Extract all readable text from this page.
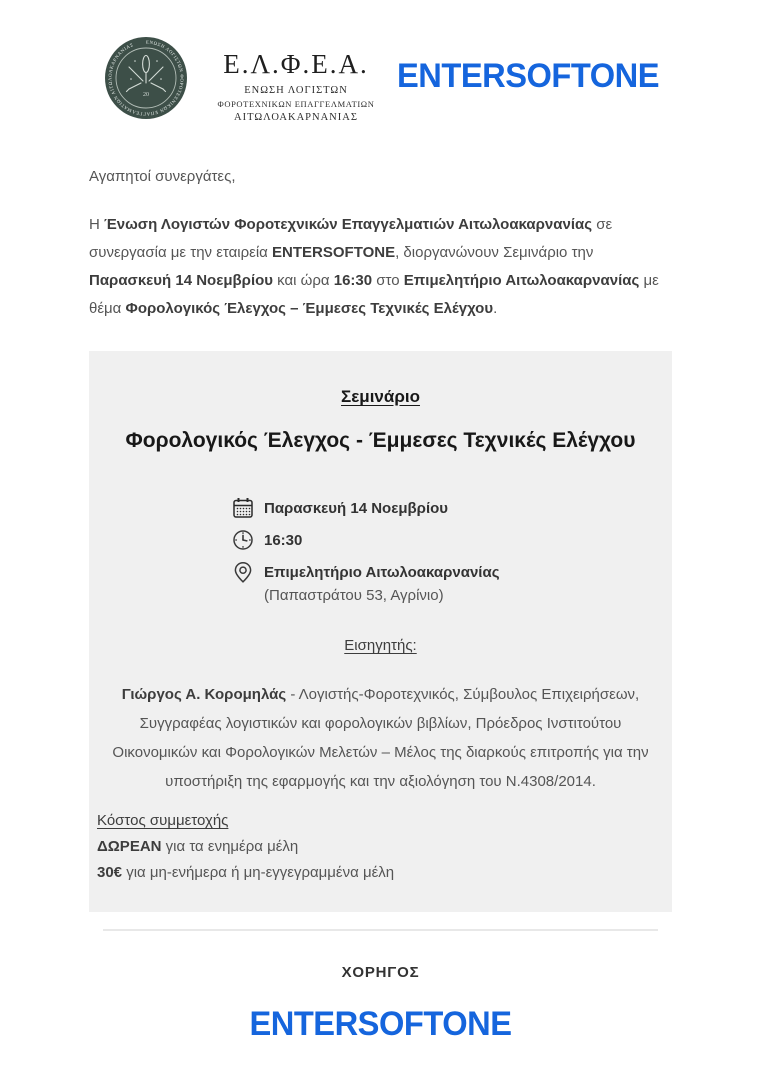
ΕΝΩΣΗ ΛΟΓΙΣΤΩΝ ΦΟΡΟΤΕΧΝΙΚΩΝ ΕΠΑΓΓΕΛΜΑΤΙΩΝ ΑΙΤΩΛΟΑΚΑΡΝΑΝΙΑΣ
20
Ε.Λ.Φ.Ε.Α.
ΕΝΩΣΗ ΛΟΓΙΣΤΩΝ
ΦΟΡΟΤΕΧΝΙΚΩΝ ΕΠΑΓΓΕΛΜΑΤΙΩΝ
ΑΙΤΩΛΟΑΚΑΡΝΑΝΙΑΣ
ENTERSOFTONE

Αγαπητοί συνεργάτες,

Η Ένωση Λογιστών Φοροτεχνικών Επαγγελματιών Αιτωλοακαρνανίας σε συνεργασία με την εταιρεία ENTERSOFTONE, διοργανώνουν Σεμινάριο την Παρασκευή 14 Νοεμβρίου και ώρα 16:30 στο Επιμελητήριο Αιτωλοακαρνανίας με θέμα Φορολογικός Έλεγχος – Έμμεσες Τεχνικές Ελέγχου.

Σεμινάριο
Φορολογικός Έλεγχος - Έμμεσες Τεχνικές Ελέγχου
Παρασκευή 14 Νοεμβρίου
16:30
Επιμελητήριο Αιτωλοακαρνανίας
(Παπαστράτου 53, Αγρίνιο)
Εισηγητής:

Γιώργος Α. Κορομηλάς - Λογιστής-Φοροτεχνικός, Σύμβουλος Επιχειρήσεων, Συγγραφέας λογιστικών και φορολογικών βιβλίων, Πρόεδρος Ινστιτούτου Οικονομικών και Φορολογικών Μελετών – Μέλος της διαρκούς επιτροπής για την υποστήριξη της εφαρμογής και την αξιολόγηση του Ν.4308/2014.

Κόστος συμμετοχής
ΔΩΡΕΑΝ για τα ενημέρα μέλη
30€ για μη-ενήμερα ή μη-εγγεγραμμένα μέλη
ΧΟΡΗΓΟΣ
ENTERSOFTONE
